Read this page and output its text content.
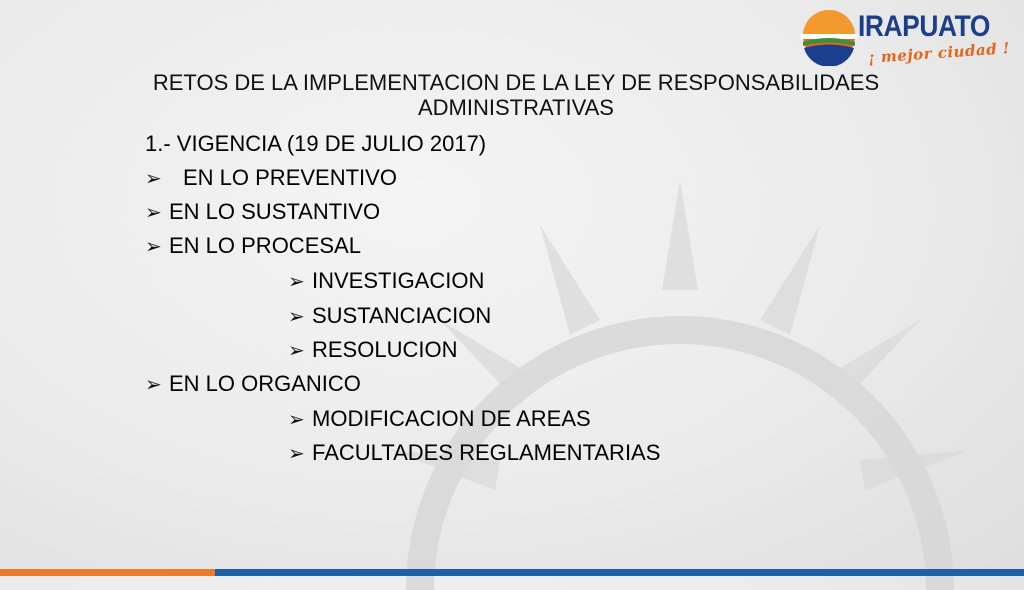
IRAPUATO
¡ mejor ciudad !
RETOS DE LA IMPLEMENTACION DE LA LEY DE RESPONSABILIDAES
ADMINISTRATIVAS
1.- VIGENCIA (19 DE JULIO 2017)
➢ EN LO PREVENTIVO
➢ EN LO SUSTANTIVO
➢ EN LO PROCESAL
➢ INVESTIGACION
➢ SUSTANCIACION
➢ RESOLUCION
➢ EN LO ORGANICO
➢ MODIFICACION DE AREAS
➢ FACULTADES REGLAMENTARIAS
